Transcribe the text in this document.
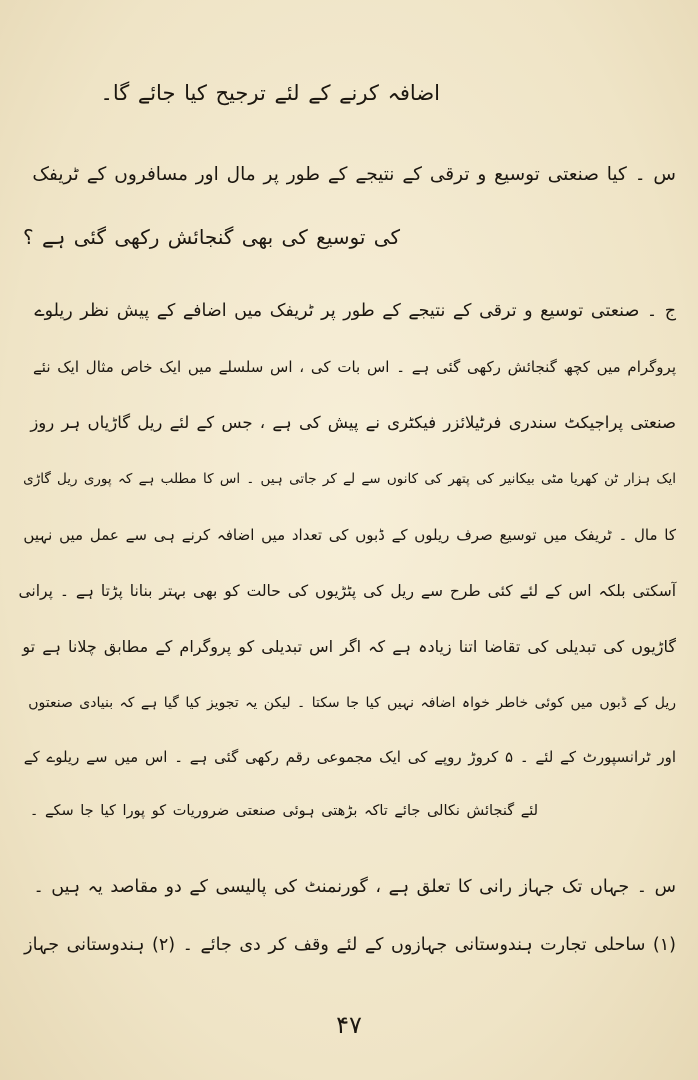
اضافہ کرنے کے لئے ترجیح کیا جائے گا۔
س ۔ کیا صنعتی توسیع و ترقی کے نتیجے کے طور پر مال اور مسافروں کے ٹریفک
کی توسیع کی بھی گنجائش رکھی گئی ہے ؟
ج ۔ صنعتی توسیع و ترقی کے نتیجے کے طور پر ٹریفک میں اضافے کے پیش نظر ریلوے
پروگرام میں کچھ گنجائش رکھی گئی ہے ۔ اس بات کی ، اس سلسلے میں ایک خاص مثال ایک نئے
صنعتی پراجیکٹ سندری فرٹیلائزر فیکٹری نے پیش کی ہے ، جس کے لئے ریل گاڑیاں ہر روز
ایک ہزار ٹن کھریا مٹی بیکانیر کی پتھر کی کانوں سے لے کر جاتی ہیں ۔ اس کا مطلب ہے کہ پوری ریل گاڑی
کا مال ۔ ٹریفک میں توسیع صرف ریلوں کے ڈبوں کی تعداد میں اضافہ کرنے ہی سے عمل میں نہیں
آسکتی بلکہ اس کے لئے کئی طرح سے ریل کی پٹڑیوں کی حالت کو بھی بہتر بنانا پڑتا ہے ۔ پرانی
گاڑیوں کی تبدیلی کی تقاضا اتنا زیادہ ہے کہ اگر اس تبدیلی کو پروگرام کے مطابق چلانا ہے تو
ریل کے ڈبوں میں کوئی خاطر خواہ اضافہ نہیں کیا جا سکتا ۔ لیکن یہ تجویز کیا گیا ہے کہ بنیادی صنعتوں
اور ٹرانسپورٹ کے لئے ۔ ۵ کروڑ روپے کی ایک مجموعی رقم رکھی گئی ہے ۔ اس میں سے ریلوے کے
لئے گنجائش نکالی جائے تاکہ بڑھتی ہوئی صنعتی ضروریات کو پورا کیا جا سکے ۔
س ۔ جہاں تک جہاز رانی کا تعلق ہے ، گورنمنٹ کی پالیسی کے دو مقاصد یہ ہیں ۔
(۱) ساحلی تجارت ہندوستانی جہازوں کے لئے وقف کر دی جائے ۔ (۲) ہندوستانی جہاز
۴۷
